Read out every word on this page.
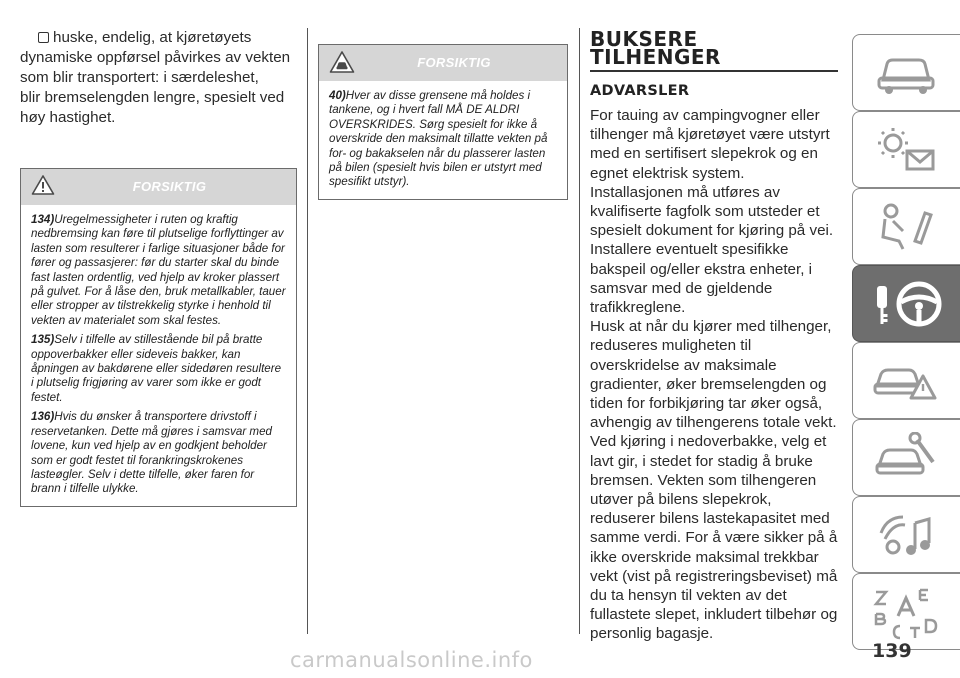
huske, endelig, at kjøretøyets
dynamiske oppførsel påvirkes av vekten
som blir transportert: i særdeleshet,
blir bremselengden lengre, spesielt ved
høy hastighet.
FORSIKTIG

134)Uregelmessigheter i ruten og kraftig nedbremsing kan føre til plutselige forflyttinger av lasten som resulterer i farlige situasjoner både for fører og passasjerer: før du starter skal du binde fast lasten ordentlig, ved hjelp av kroker plassert på gulvet. For å låse den, bruk metallkabler, tauer eller stropper av tilstrekkelig styrke i henhold til vekten av materialet som skal festes.

135)Selv i tilfelle av stillestående bil på bratte oppoverbakker eller sideveis bakker, kan åpningen av bakdørene eller sidedøren resultere i plutselig frigjøring av varer som ikke er godt festet.

136)Hvis du ønsker å transportere drivstoff i reservetanken. Dette må gjøres i samsvar med lovene, kun ved hjelp av en godkjent beholder som er godt festet til forankringskrokenes lasteøgler. Selv i dette tilfelle, øker faren for brann i tilfelle ulykke.

FORSIKTIG

40)Hver av disse grensene må holdes i tankene, og i hvert fall MÅ DE ALDRI OVERSKRIDES. Sørg spesielt for ikke å overskride den maksimalt tillatte vekten på for- og bakakselen når du plasserer lasten på bilen (spesielt hvis bilen er utstyrt med spesifikt utstyr).

BUKSERE
TILHENGER
ADVARSLER

For tauing av campingvogner eller tilhenger må kjøretøyet være utstyrt med en sertifisert slepekrok og en egnet elektrisk system. Installasjonen må utføres av kvalifiserte fagfolk som utsteder et spesielt dokument for kjøring på vei.

Installere eventuelt spesifikke bakspeil og/eller ekstra enheter, i samsvar med de gjeldende trafikkreglene.

Husk at når du kjører med tilhenger, reduseres muligheten til overskridelse av maksimale gradienter, øker bremselengden og tiden for forbikjøring tar øker også, avhengig av tilhengerens totale vekt.

Ved kjøring i nedoverbakke, velg et lavt gir, i stedet for stadig å bruke bremsen. Vekten som tilhengeren utøver på bilens slepekrok, reduserer bilens lastekapasitet med samme verdi. For å være sikker på å ikke overskride maksimal trekkbar vekt (vist på registreringsbeviset) må du ta hensyn til vekten av det fullastete slepet, inkludert tilbehør og personlig bagasje.

139
carmanualsonline.info
